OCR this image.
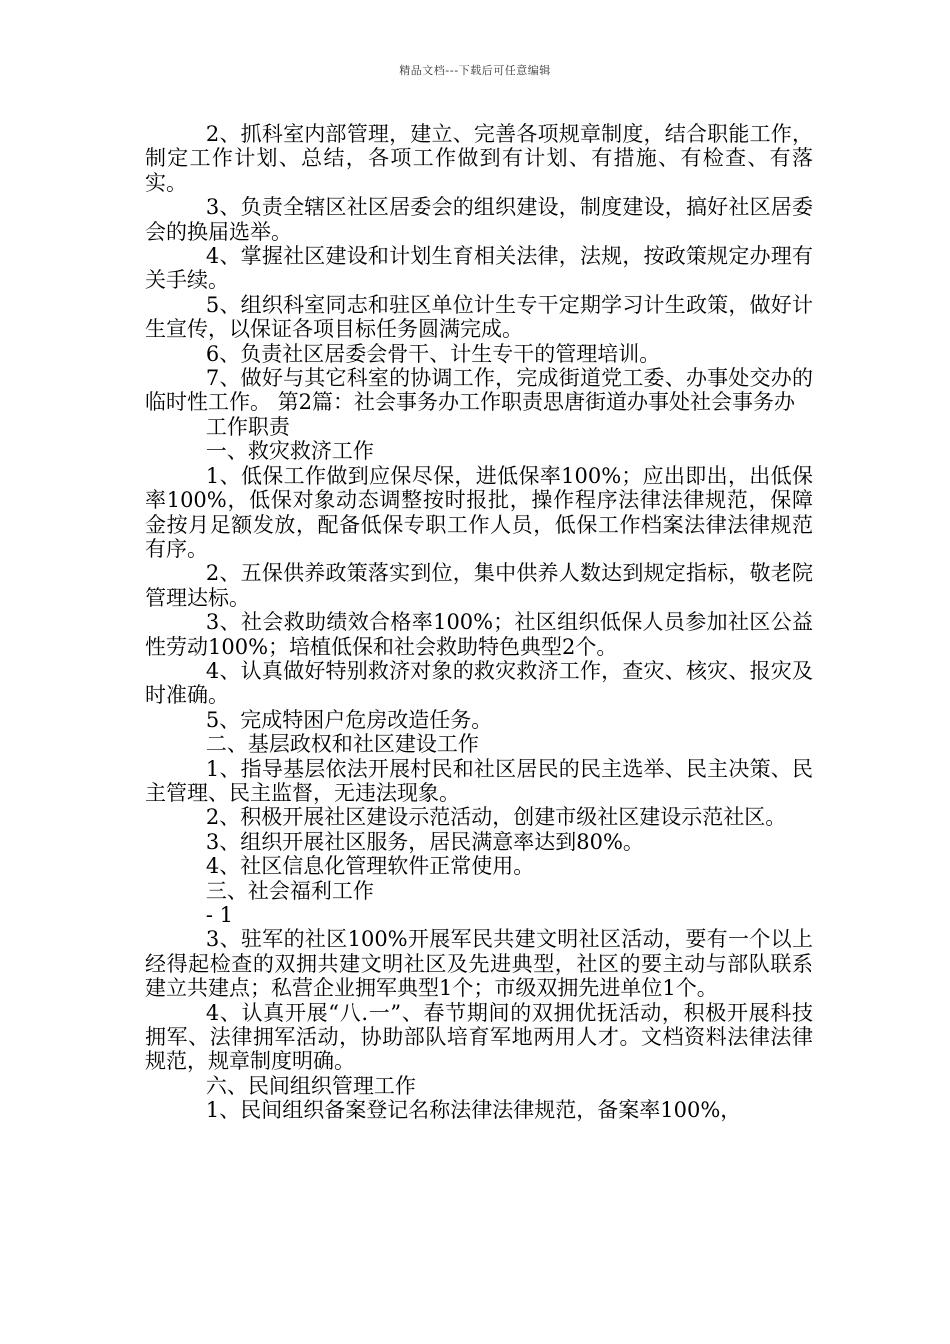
精品文档---下载后可任意编辑

2、抓科室内部管理，建立、完善各项规章制度，结合职能工作，制定工作计划、总结，各项工作做到有计划、有措施、有检查、有落实。

3、负责全辖区社区居委会的组织建设，制度建设，搞好社区居委会的换届选举。

4、掌握社区建设和计划生育相关法律，法规，按政策规定办理有关手续。

5、组织科室同志和驻区单位计生专干定期学习计生政策，做好计生宣传，以保证各项目标任务圆满完成。

6、负责社区居委会骨干、计生专干的管理培训。

7、做好与其它科室的协调工作，完成街道党工委、办事处交办的临时性工作。 第2篇：社会事务办工作职责思唐街道办事处社会事务办

工作职责

一、救灾救济工作

1、低保工作做到应保尽保，进低保率100%；应出即出，出低保率100%，低保对象动态调整按时报批，操作程序法律法律规范，保障金按月足额发放，配备低保专职工作人员，低保工作档案法律法律规范有序。

2、五保供养政策落实到位，集中供养人数达到规定指标，敬老院管理达标。

3、社会救助绩效合格率100%；社区组织低保人员参加社区公益性劳动100%；培植低保和社会救助特色典型2个。

4、认真做好特别救济对象的救灾救济工作，查灾、核灾、报灾及时准确。

5、完成特困户危房改造任务。

二、基层政权和社区建设工作

1、指导基层依法开展村民和社区居民的民主选举、民主决策、民主管理、民主监督，无违法现象。

2、积极开展社区建设示范活动，创建市级社区建设示范社区。

3、组织开展社区服务，居民满意率达到80%。

4、社区信息化管理软件正常使用。

三、社会福利工作

- 1

3、驻军的社区100%开展军民共建文明社区活动，要有一个以上经得起检查的双拥共建文明社区及先进典型，社区的要主动与部队联系建立共建点；私营企业拥军典型1个；市级双拥先进单位1个。

4、认真开展“八.一”、春节期间的双拥优抚活动，积极开展科技拥军、法律拥军活动，协助部队培育军地两用人才。文档资料法律法律规范，规章制度明确。

六、民间组织管理工作

1、民间组织备案登记名称法律法律规范，备案率100%，
